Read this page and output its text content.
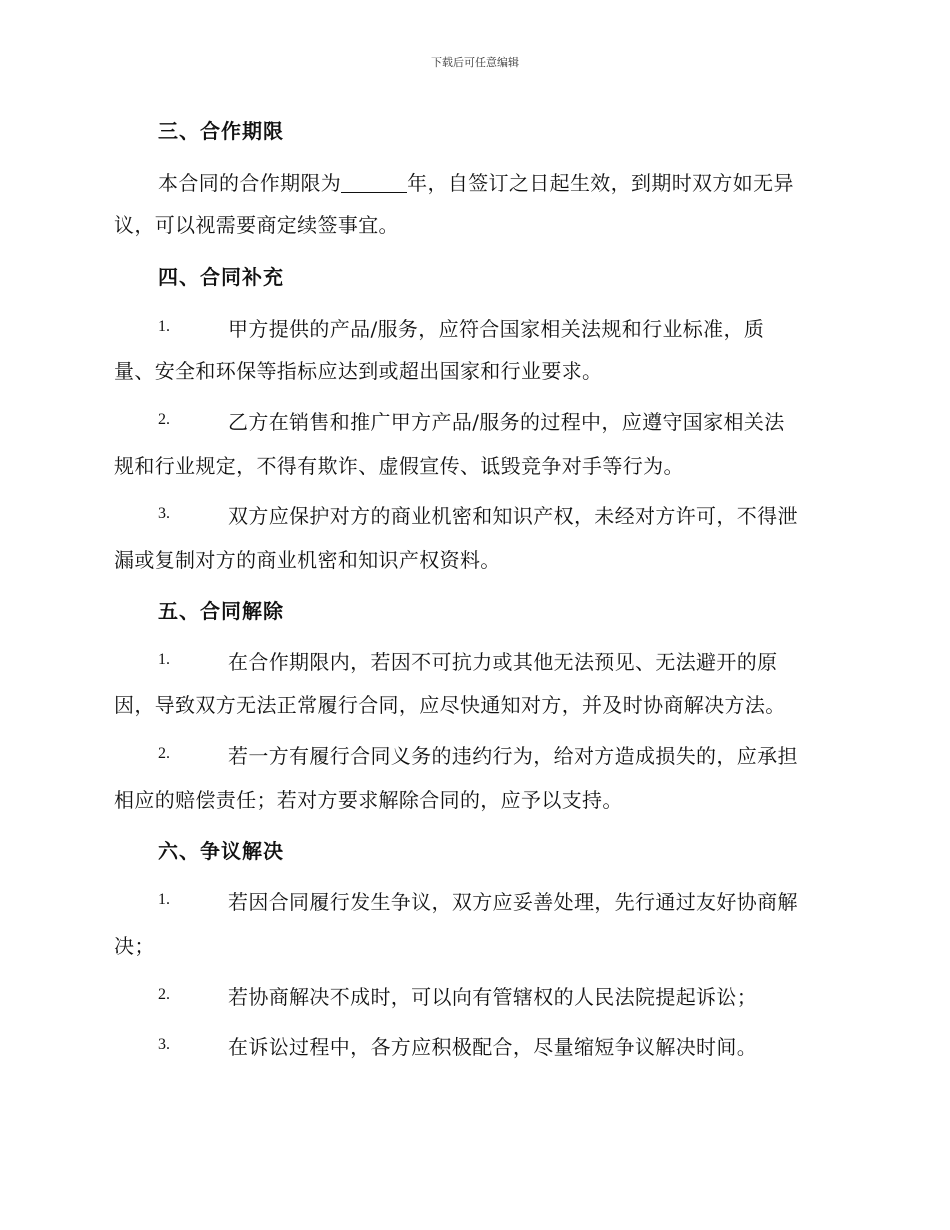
下载后可任意编辑
三、合作期限
本合同的合作期限为	年，自签订之日起生效，到期时双方如无异
议，可以视需要商定续签事宜。
四、合同补充
1.	甲方提供的产品/服务，应符合国家相关法规和行业标准，质
量、安全和环保等指标应达到或超出国家和行业要求。
2.	乙方在销售和推广甲方产品/服务的过程中，应遵守国家相关法
规和行业规定，不得有欺诈、虚假宣传、诋毁竞争对手等行为。
3.	双方应保护对方的商业机密和知识产权，未经对方许可，不得泄
漏或复制对方的商业机密和知识产权资料。
五、合同解除
1.	在合作期限内，若因不可抗力或其他无法预见、无法避开的原
因，导致双方无法正常履行合同，应尽快通知对方，并及时协商解决方法。
2.	若一方有履行合同义务的违约行为，给对方造成损失的，应承担
相应的赔偿责任；若对方要求解除合同的，应予以支持。
六、争议解决
1.	若因合同履行发生争议，双方应妥善处理，先行通过友好协商解
决；
2.	若协商解决不成时，可以向有管辖权的人民法院提起诉讼；
3.	在诉讼过程中，各方应积极配合，尽量缩短争议解决时间。
